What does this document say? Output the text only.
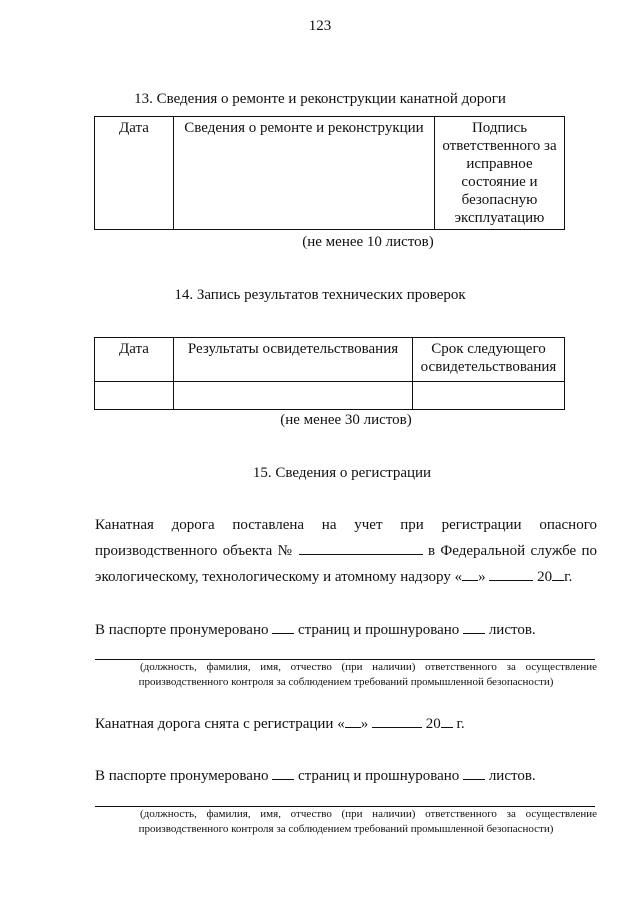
123
13. Сведения о ремонте и реконструкции канатной дороги
Дата	Сведения о ремонте и реконструкции	Подпись ответственного за исправное состояние и безопасную эксплуатацию
(не менее 10 листов)
14. Запись результатов технических проверок
Дата	Результаты освидетельствования	Срок следующего освидетельствования

(не менее 30 листов)
15. Сведения о регистрации
Канатная дорога поставлена на учет при регистрации опасного
производственного объекта №	в Федеральной службе по
экологическому, технологическому и атомному надзору « »	20 г.
В паспорте пронумеровано страниц и прошнуровано листов.
(должность, фамилия, имя, отчество (при наличии) ответственного за осуществление
производственного контроля за соблюдением требований промышленной безопасности)
Канатная дорога снята с регистрации « »	20 г.
В паспорте пронумеровано страниц и прошнуровано листов.
(должность, фамилия, имя, отчество (при наличии) ответственного за осуществление
производственного контроля за соблюдением требований промышленной безопасности)
